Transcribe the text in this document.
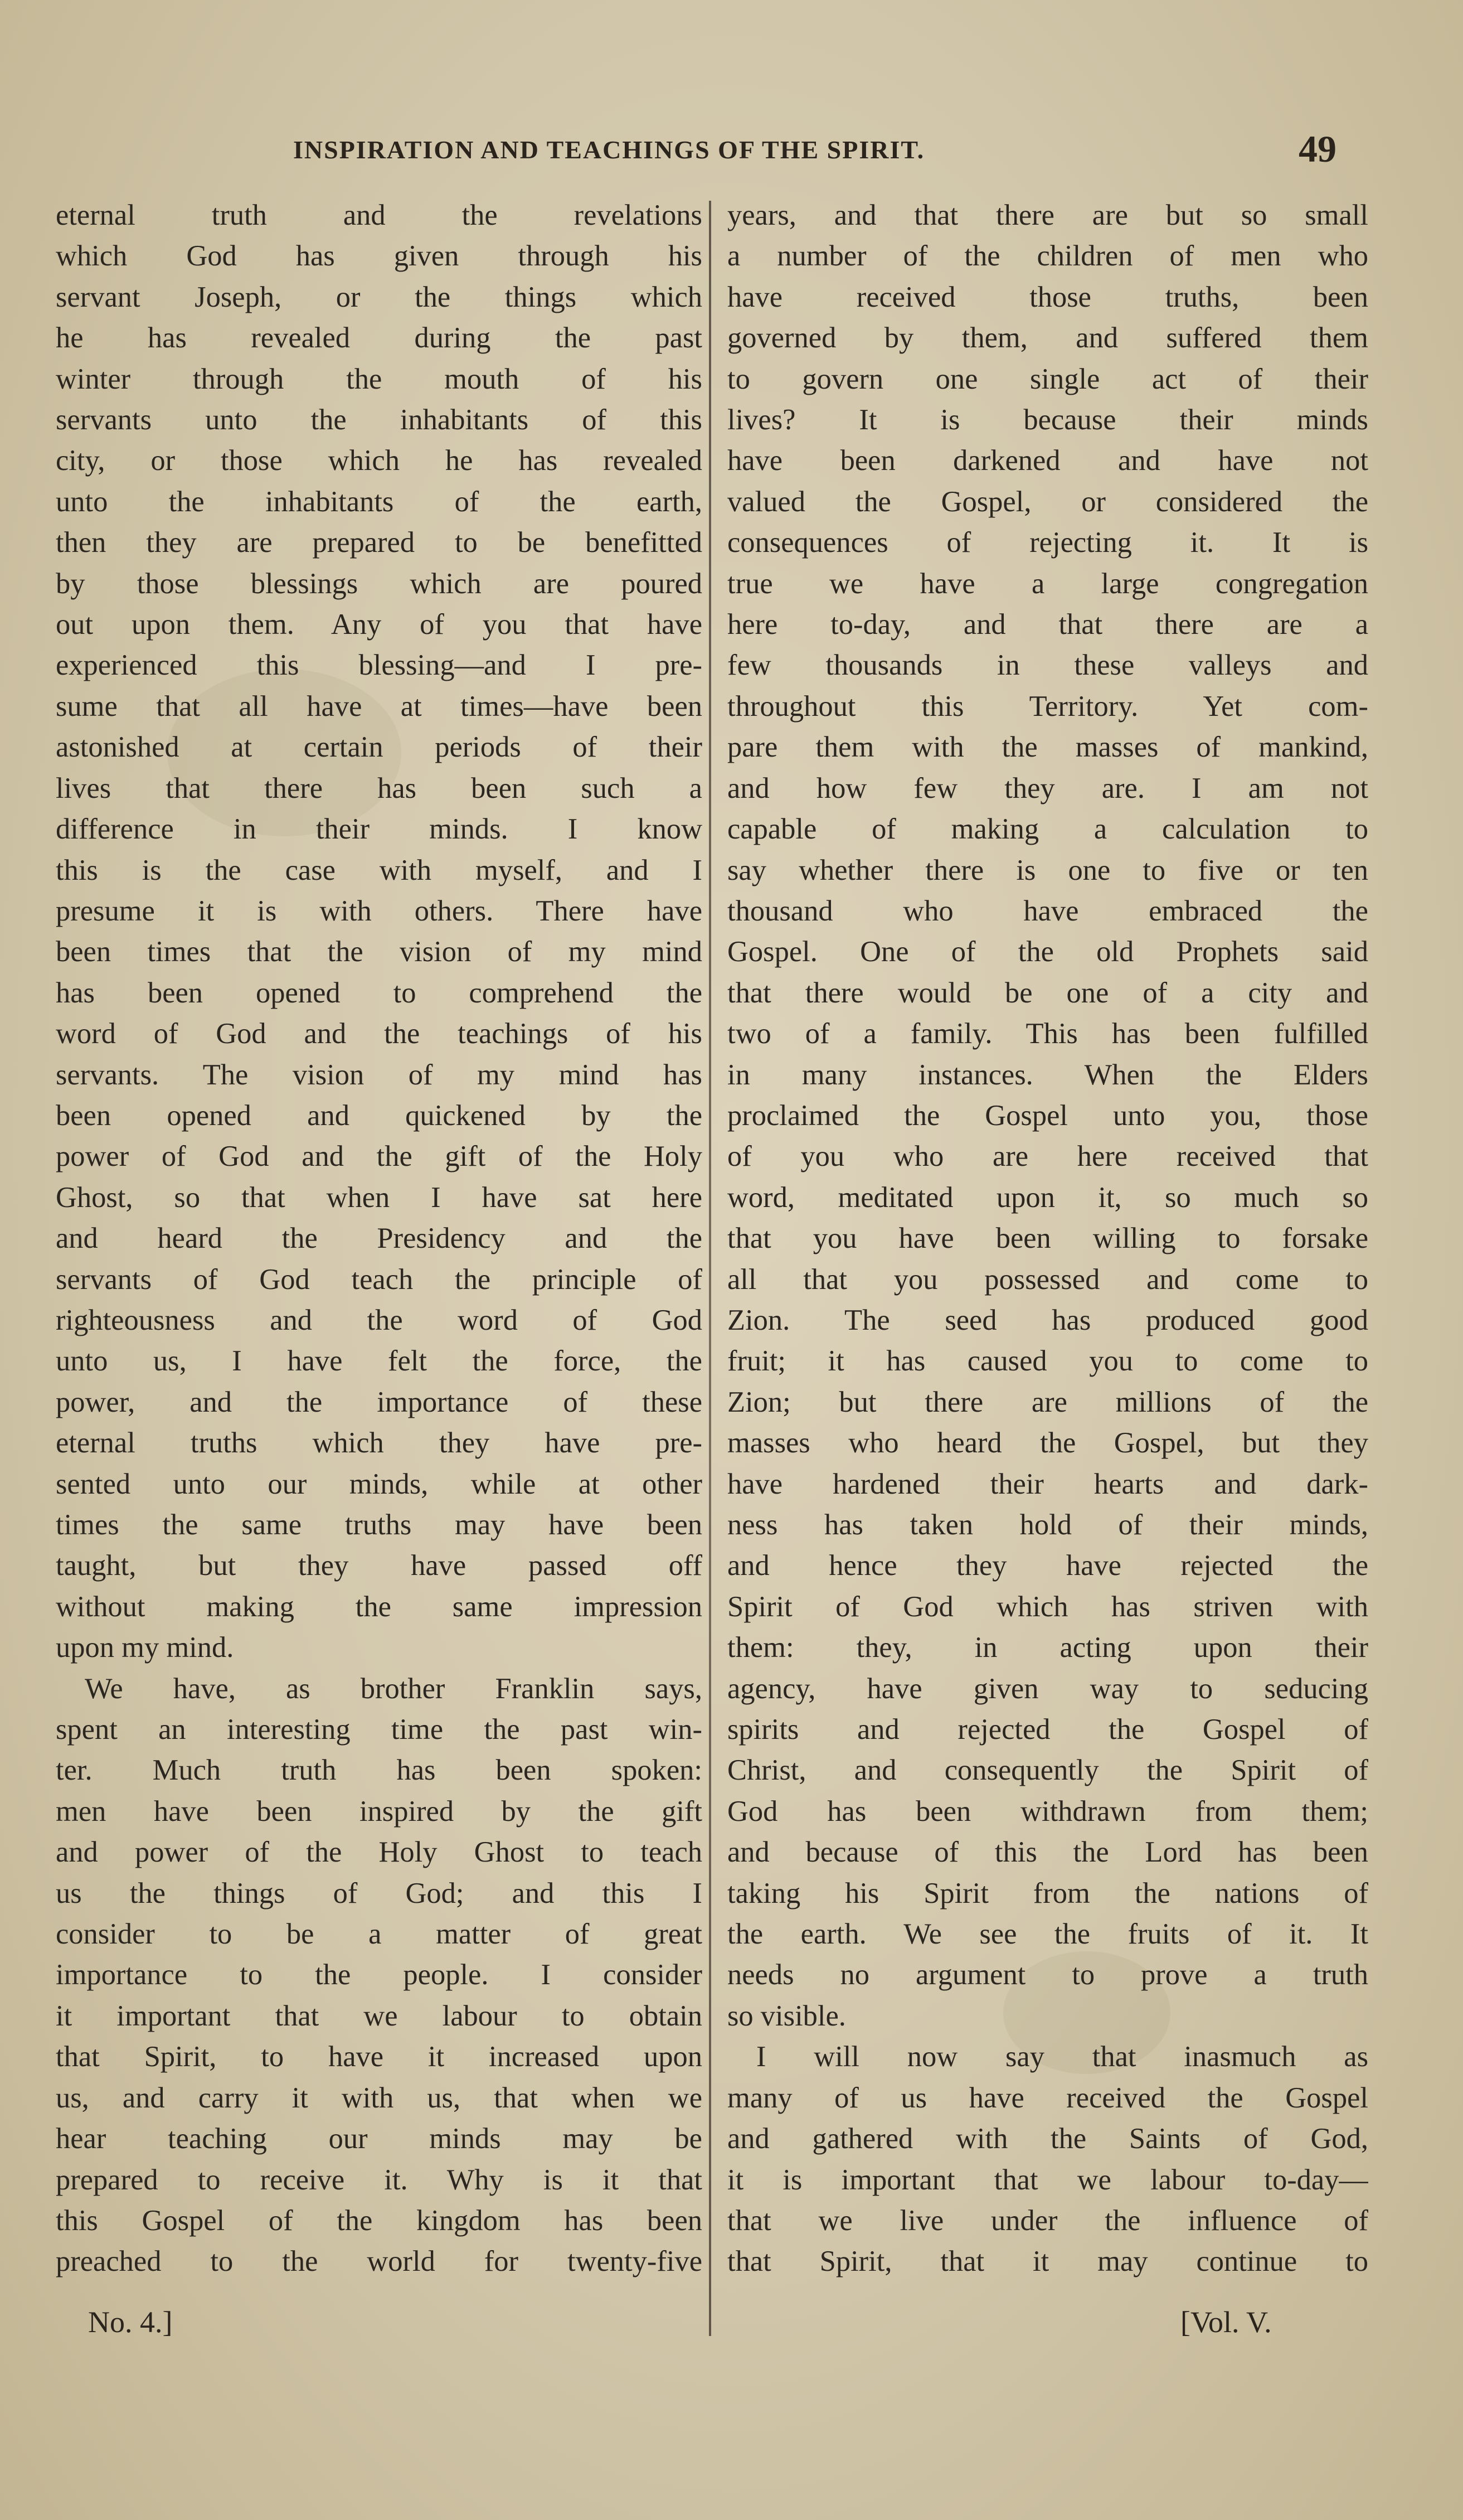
INSPIRATION AND TEACHINGS OF THE SPIRIT.	49

eternal truth and the revelations
which God has given through his
servant Joseph, or the things which
he has revealed during the past
winter through the mouth of his
servants unto the inhabitants of this
city, or those which he has revealed
unto the inhabitants of the earth,
then they are prepared to be benefitted
by those blessings which are poured
out upon them. Any of you that have
experienced this blessing—and I pre-
sume that all have at times—have been
astonished at certain periods of their
lives that there has been such a
difference in their minds. I know
this is the case with myself, and I
presume it is with others. There have
been times that the vision of my mind
has been opened to comprehend the
word of God and the teachings of his
servants. The vision of my mind has
been opened and quickened by the
power of God and the gift of the Holy
Ghost, so that when I have sat here
and heard the Presidency and the
servants of God teach the principle of
righteousness and the word of God
unto us, I have felt the force, the
power, and the importance of these
eternal truths which they have pre-
sented unto our minds, while at other
times the same truths may have been
taught, but they have passed off
without making the same impression
upon my mind.

We have, as brother Franklin says,
spent an interesting time the past win-
ter. Much truth has been spoken:
men have been inspired by the gift
and power of the Holy Ghost to teach
us the things of God; and this I
consider to be a matter of great
importance to the people. I consider
it important that we labour to obtain
that Spirit, to have it increased upon
us, and carry it with us, that when we
hear teaching our minds may be
prepared to receive it. Why is it that
this Gospel of the kingdom has been
preached to the world for twenty-five

years, and that there are but so small
a number of the children of men who
have received those truths, been
governed by them, and suffered them
to govern one single act of their
lives? It is because their minds
have been darkened and have not
valued the Gospel, or considered the
consequences of rejecting it. It is
true we have a large congregation
here to-day, and that there are a
few thousands in these valleys and
throughout this Territory. Yet com-
pare them with the masses of mankind,
and how few they are. I am not
capable of making a calculation to
say whether there is one to five or ten
thousand who have embraced the
Gospel. One of the old Prophets said
that there would be one of a city and
two of a family. This has been fulfilled
in many instances. When the Elders
proclaimed the Gospel unto you, those
of you who are here received that
word, meditated upon it, so much so
that you have been willing to forsake
all that you possessed and come to
Zion. The seed has produced good
fruit; it has caused you to come to
Zion; but there are millions of the
masses who heard the Gospel, but they
have hardened their hearts and dark-
ness has taken hold of their minds,
and hence they have rejected the
Spirit of God which has striven with
them: they, in acting upon their
agency, have given way to seducing
spirits and rejected the Gospel of
Christ, and consequently the Spirit of
God has been withdrawn from them;
and because of this the Lord has been
taking his Spirit from the nations of
the earth. We see the fruits of it. It
needs no argument to prove a truth
so visible.

I will now say that inasmuch as
many of us have received the Gospel
and gathered with the Saints of God,
it is important that we labour to-day—
that we live under the influence of
that Spirit, that it may continue to

No. 4.]	[Vol. V.
